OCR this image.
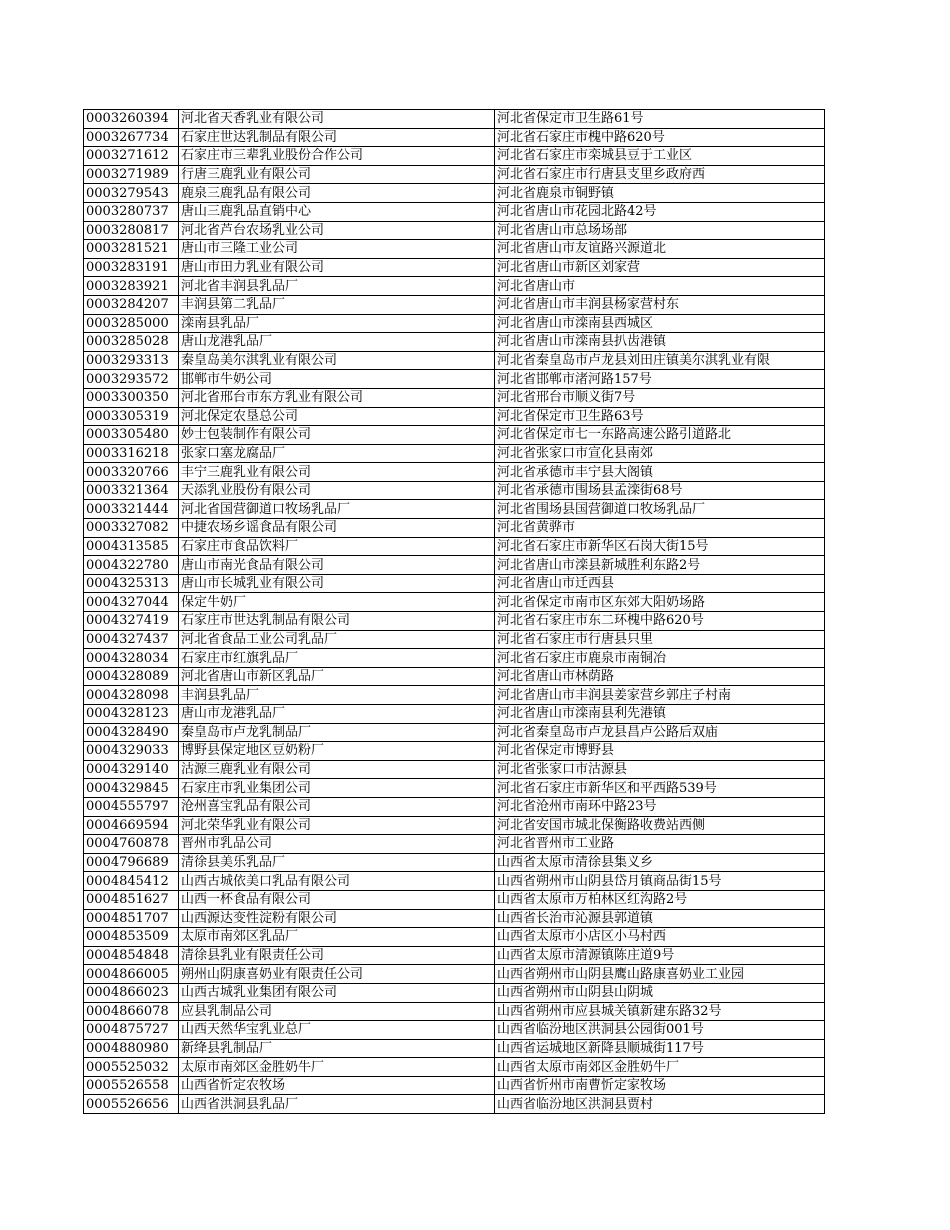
0003260394	河北省天香乳业有限公司	河北省保定市卫生路61号
0003267734	石家庄世达乳制品有限公司	河北省石家庄市槐中路620号
0003271612	石家庄市三辈乳业股份合作公司	河北省石家庄市栾城县豆于工业区
0003271989	行唐三鹿乳业有限公司	河北省石家庄市行唐县支里乡政府西
0003279543	鹿泉三鹿乳品有限公司	河北省鹿泉市铜野镇
0003280737	唐山三鹿乳品直销中心	河北省唐山市花园北路42号
0003280817	河北省芦台农场乳业公司	河北省唐山市总场场部
0003281521	唐山市三隆工业公司	河北省唐山市友谊路兴源道北
0003283191	唐山市田力乳业有限公司	河北省唐山市新区刘家营
0003283921	河北省丰润县乳品厂	河北省唐山市
0003284207	丰润县第二乳品厂	河北省唐山市丰润县杨家营村东
0003285000	滦南县乳品厂	河北省唐山市滦南县西城区
0003285028	唐山龙港乳品厂	河北省唐山市滦南县扒齿港镇
0003293313	秦皇岛美尔淇乳业有限公司	河北省秦皇岛市卢龙县刘田庄镇美尔淇乳业有限
0003293572	邯郸市牛奶公司	河北省邯郸市渚河路157号
0003300350	河北省邢台市东方乳业有限公司	河北省邢台市顺义街7号
0003305319	河北保定农垦总公司	河北省保定市卫生路63号
0003305480	妙士包装制作有限公司	河北省保定市七一东路高速公路引道路北
0003316218	张家口塞龙腐品厂	河北省张家口市宣化县南郊
0003320766	丰宁三鹿乳业有限公司	河北省承德市丰宁县大阁镇
0003321364	天添乳业股份有限公司	河北省承德市围场县孟滦街68号
0003321444	河北省国营御道口牧场乳品厂	河北省围场县国营御道口牧场乳品厂
0003327082	中捷农场乡谣食品有限公司	河北省黄骅市
0004313585	石家庄市食品饮料厂	河北省石家庄市新华区石岗大街15号
0004322780	唐山市南光食品有限公司	河北省唐山市滦县新城胜利东路2号
0004325313	唐山市长城乳业有限公司	河北省唐山市迁西县
0004327044	保定牛奶厂	河北省保定市南市区东郊大阳奶场路
0004327419	石家庄市世达乳制品有限公司	河北省石家庄市东二环槐中路620号
0004327437	河北省食品工业公司乳品厂	河北省石家庄市行唐县只里
0004328034	石家庄市红旗乳品厂	河北省石家庄市鹿泉市南铜冶
0004328089	河北省唐山市新区乳品厂	河北省唐山市林荫路
0004328098	丰润县乳品厂	河北省唐山市丰润县姜家营乡郭庄子村南
0004328123	唐山市龙港乳品厂	河北省唐山市滦南县利先港镇
0004328490	秦皇岛市卢龙乳制品厂	河北省秦皇岛市卢龙县昌卢公路后双庙
0004329033	博野县保定地区豆奶粉厂	河北省保定市博野县
0004329140	沽源三鹿乳业有限公司	河北省张家口市沽源县
0004329845	石家庄市乳业集团公司	河北省石家庄市新华区和平西路539号
0004555797	沧州喜宝乳品有限公司	河北省沧州市南环中路23号
0004669594	河北荣华乳业有限公司	河北省安国市城北保衡路收费站西侧
0004760878	晋州市乳品公司	河北省晋州市工业路
0004796689	清徐县美乐乳品厂	山西省太原市清徐县集义乡
0004845412	山西古城依美口乳品有限公司	山西省朔州市山阴县岱月镇商品街15号
0004851627	山西一杯食品有限公司	山西省太原市万柏林区红沟路2号
0004851707	山西源达变性淀粉有限公司	山西省长治市沁源县郭道镇
0004853509	太原市南郊区乳品厂	山西省太原市小店区小马村西
0004854848	清徐县乳业有限责任公司	山西省太原市清源镇陈庄道9号
0004866005	朔州山阴康喜奶业有限责任公司	山西省朔州市山阴县鹰山路康喜奶业工业园
0004866023	山西古城乳业集团有限公司	山西省朔州市山阴县山阴城
0004866078	应县乳制品公司	山西省朔州市应县城关镇新建东路32号
0004875727	山西天然华宝乳业总厂	山西省临汾地区洪洞县公园街001号
0004880980	新绛县乳制品厂	山西省运城地区新降县顺城街117号
0005525032	太原市南郊区金胜奶牛厂	山西省太原市南郊区金胜奶牛厂
0005526558	山西省忻定农牧场	山西省忻州市南曹忻定家牧场
0005526656	山西省洪洞县乳品厂	山西省临汾地区洪洞县贾村
